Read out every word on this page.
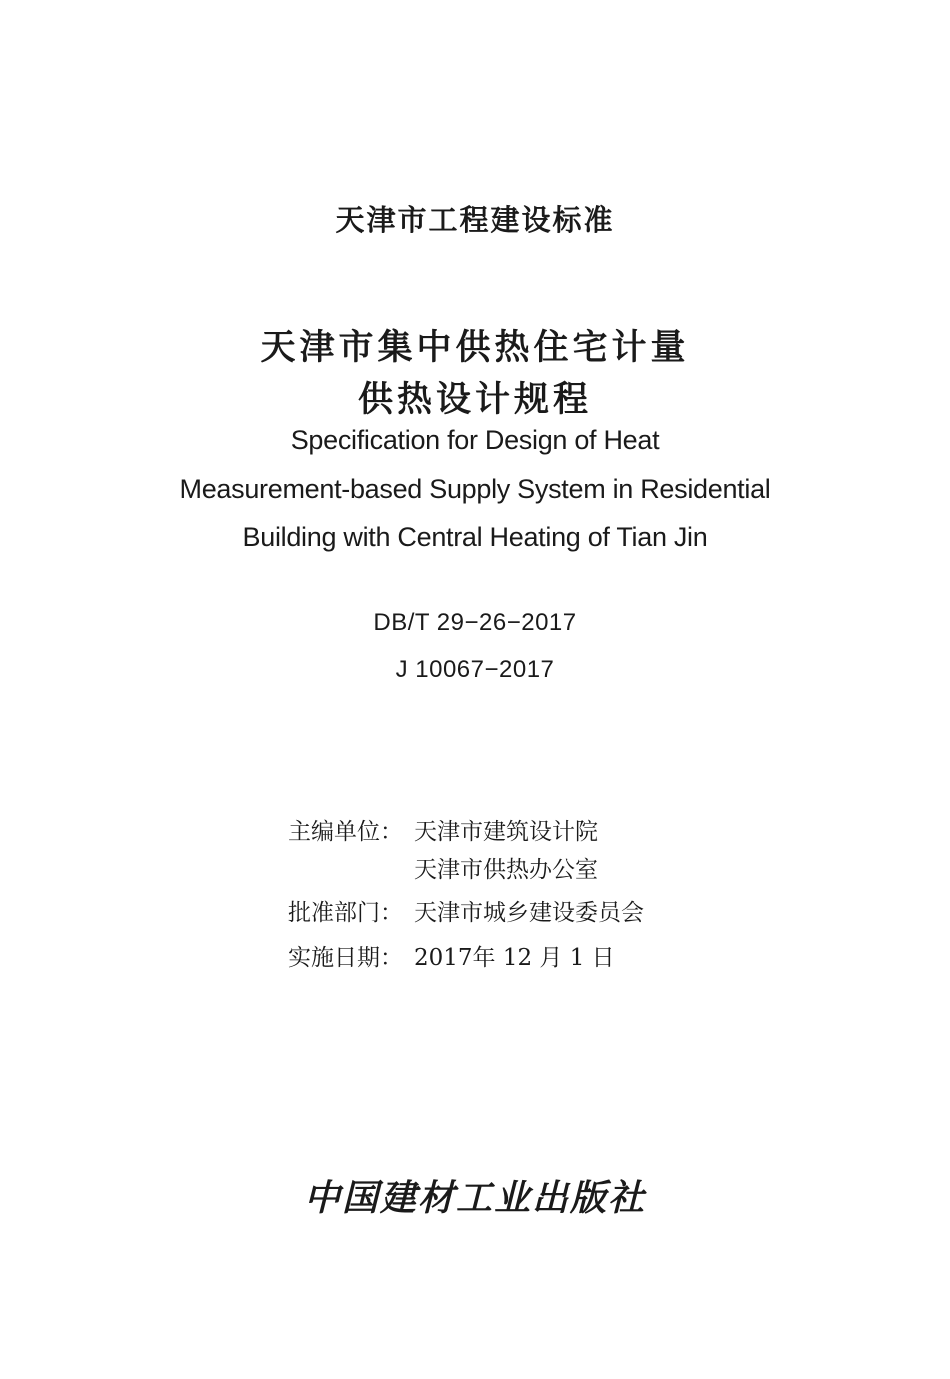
天津市工程建设标准
天津市集中供热住宅计量
供热设计规程
Specification for Design of Heat
Measurement-based Supply System in Residential
Building with Central Heating of Tian Jin
DB/T 29−26−2017
J 10067−2017
主编单位： 天津市建筑设计院
天津市供热办公室
批准部门： 天津市城乡建设委员会
实施日期： 2017年 12 月 1 日
中国建材工业出版社
